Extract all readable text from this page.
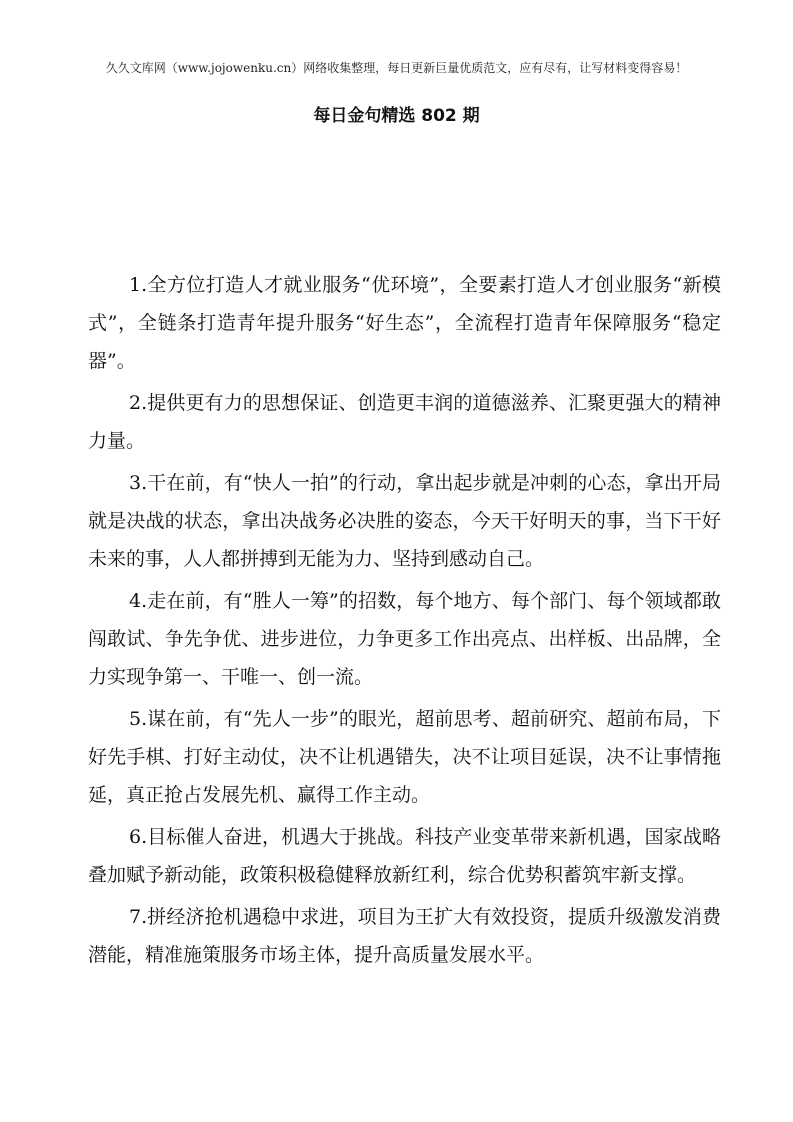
久久文库网（www.jojowenku.cn）网络收集整理，每日更新巨量优质范文，应有尽有，让写材料变得容易！
每日金句精选 802 期

1.全方位打造人才就业服务“优环境”，全要素打造人才创业服务“新模式”，全链条打造青年提升服务“好生态”，全流程打造青年保障服务“稳定器”。

2.提供更有力的思想保证、创造更丰润的道德滋养、汇聚更强大的精神力量。

3.干在前，有“快人一拍”的行动，拿出起步就是冲刺的心态，拿出开局就是决战的状态，拿出决战务必决胜的姿态，今天干好明天的事，当下干好未来的事，人人都拼搏到无能为力、坚持到感动自己。

4.走在前，有“胜人一筹”的招数，每个地方、每个部门、每个领域都敢闯敢试、争先争优、进步进位，力争更多工作出亮点、出样板、出品牌，全力实现争第一、干唯一、创一流。

5.谋在前，有“先人一步”的眼光，超前思考、超前研究、超前布局，下好先手棋、打好主动仗，决不让机遇错失，决不让项目延误，决不让事情拖延，真正抢占发展先机、赢得工作主动。

6.目标催人奋进，机遇大于挑战。科技产业变革带来新机遇，国家战略叠加赋予新动能，政策积极稳健释放新红利，综合优势积蓄筑牢新支撑。

7.拼经济抢机遇稳中求进，项目为王扩大有效投资，提质升级激发消费潜能，精准施策服务市场主体，提升高质量发展水平。
